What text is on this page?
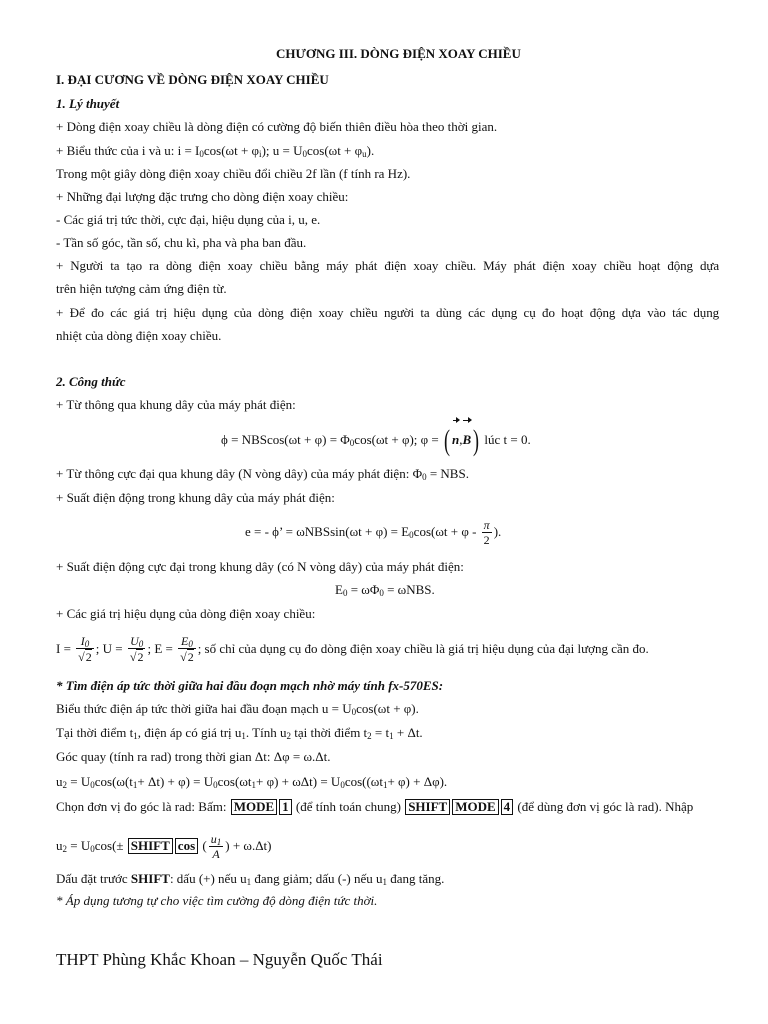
CHƯƠNG III. DÒNG ĐIỆN XOAY CHIỀU
I. ĐẠI CƯƠNG VỀ DÒNG ĐIỆN XOAY CHIỀU
1. Lý thuyết
+ Dòng điện xoay chiều là dòng điện có cường độ biến thiên điều hòa theo thời gian.
+ Biểu thức của i và u: $i = I_0\cos(\omega t + \varphi_i)$; $u = U_0\cos(\omega t + \varphi_u)$.
Trong một giây dòng điện xoay chiều đổi chiều 2f lần (f tính ra Hz).
+ Những đại lượng đặc trưng cho dòng điện xoay chiều:
- Các giá trị tức thời, cực đại, hiệu dụng của i, u, e.
- Tần số góc, tần số, chu kì, pha và pha ban đầu.
+ Người ta tạo ra dòng điện xoay chiều bằng máy phát điện xoay chiều. Máy phát điện xoay chiều hoạt động dựa
trên hiện tượng cảm ứng điện từ.
+ Để đo các giá trị hiệu dụng của dòng điện xoay chiều người ta dùng các dụng cụ đo hoạt động dựa vào tác dụng
nhiệt của dòng điện xoay chiều.
2. Công thức
+ Từ thông qua khung dây của máy phát điện:
$\phi = NBScos(\omega t + \varphi) = \Phi_0\cos(\omega t + \varphi)$; φ = ( n,B) lúc t = 0.
+ Từ thông cực đại qua khung dây (N vòng dây) của máy phát điện: $\Phi_0$ = NBS.
+ Suất điện động trong khung dây của máy phát điện:
e = - ϕ’ = $\omega NBSsin(\omega t + \varphi) = E_0\cos(\omega t + \varphi - \frac{\pi}{2}$ ).
+ Suất điện động cực đại trong khung dây (có N vòng dây) của máy phát điện:
$E_0 = \omega\Phi_0 = \omega NBS$.
+ Các giá trị hiệu dụng của dòng điện xoay chiều:
$I = \frac{I_0}{√2}$ ; $U = \frac{U_0}{√2}$ ; $E = \frac{E_0}{√2}$ ; số chỉ của dụng cụ đo dòng điện xoay chiều là giá trị hiệu dụng của đại lượng cần đo.
* Tìm điện áp tức thời giữa hai đầu đoạn mạch nhờ máy tính fx-570ES:
Biểu thức điện áp tức thời giữa hai đầu đoạn mạch $u = U_0\cos(\omega t + \varphi)$.
Tại thời điểm $t_1$, điện áp có giá trị $u_1$. Tính $u_2$ tại thời điểm $t_2 = t_1 + \Delta t$.
Góc quay (tính ra rad) trong thời gian Δt: Δφ = ω.Δt.
$u_2 = U_0\cos(\omega(t_1+ \Delta t) + \varphi) = U_0\cos(\omega t_1+ \varphi) + \omega\Delta t) = U_0\cos((\omega t_1+ \varphi) + \Delta\varphi)$.
Chọn đơn vị đo góc là rad: Bấm: MODE 1 (để tính toán chung) SHIFT MODE 4 (để dùng đơn vị góc là rad). Nhập
$u_2 = U_0\cos(\pm$ SHIFT cos ( $\frac{u_1}{A}$ ) + ω.Δt)
Dấu đặt trước SHIFT: dấu (+) nếu $u_1$ đang giảm; dấu (-) nếu $u_1$ đang tăng.
* Áp dụng tương tự cho việc tìm cường độ dòng điện tức thời.
THPT Phùng Khắc Khoan – Nguyễn Quốc Thái
